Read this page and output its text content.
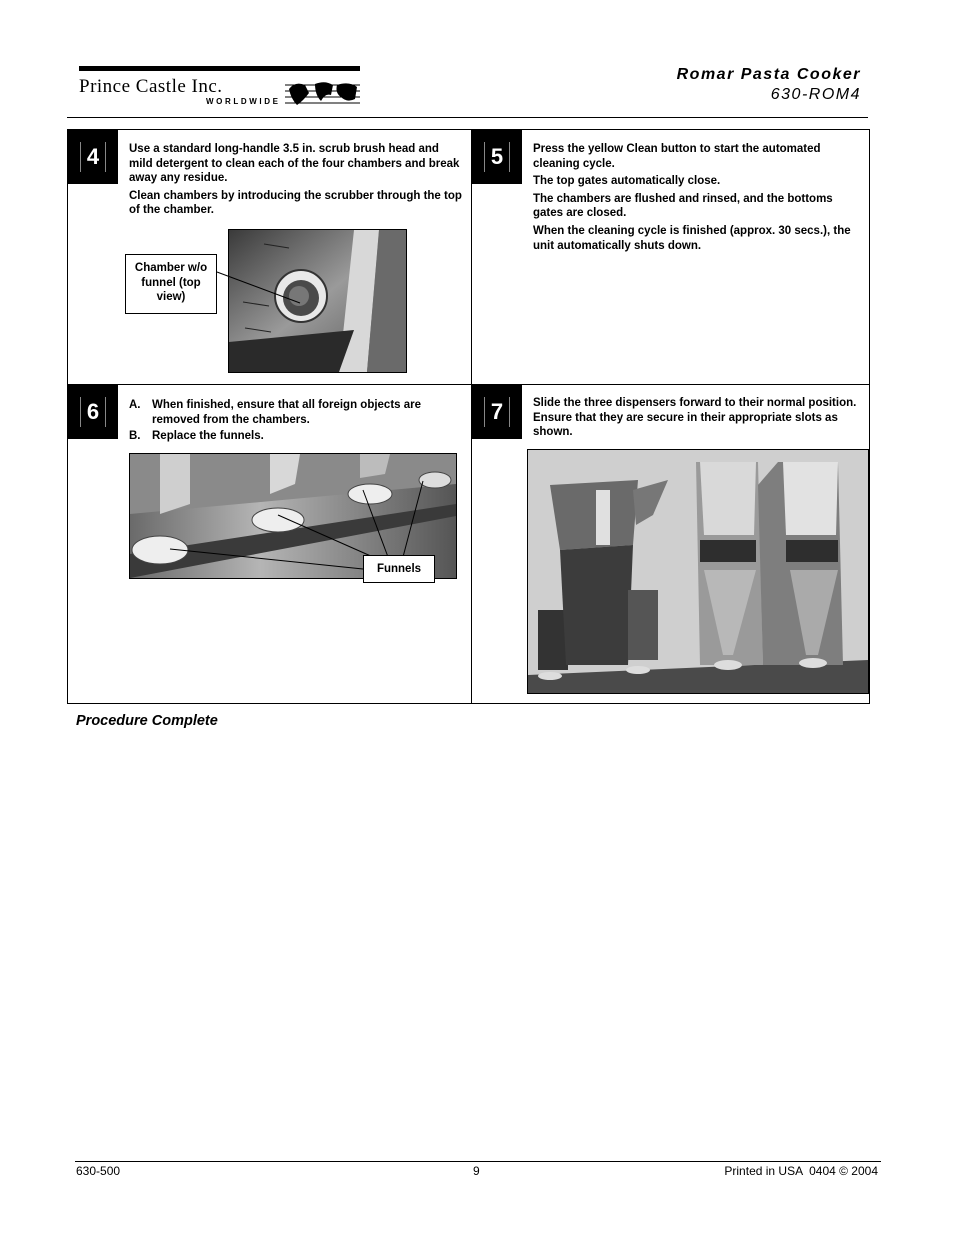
Prince Castle Inc.
WORLDWIDE
Romar Pasta Cooker
630-ROM4
4	Use a standard long-handle 3.5 in. scrub brush head and mild detergent to clean each of the four chambers and break away any residue.

Clean chambers by introducing the scrubber through the top of the chamber.

Chamber w/o funnel (top view)
5	Press the yellow Clean button to start the automated cleaning cycle.

The top gates automatically close.

The chambers are flushed and rinsed, and the bottoms gates are closed.

When the cleaning cycle is finished (approx. 30 secs.), the unit automatically shuts down.

6	A. When finished, ensure that all foreign objects are removed from the chambers.
B. Replace the funnels.
Funnels
7	Slide the three dispensers forward to their normal position. Ensure that they are secure in their appropriate slots as shown.

Procedure Complete
630-500	9	Printed in USA  0404 © 2004
